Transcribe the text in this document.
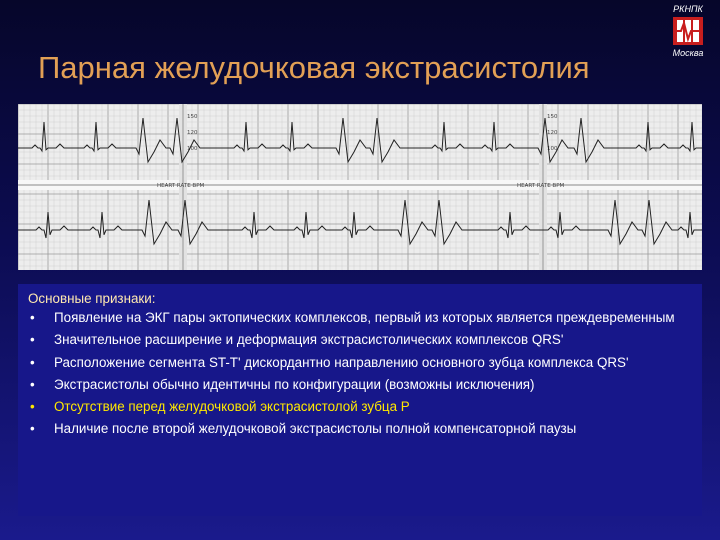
Парная желудочковая экстрасистолия
РКНПК
Москва
150
120
100
HEART RATE BPM
150
120
100
HEART RATE BPM
Основные признаки:
• Появление на ЭКГ пары эктопических комплексов, первый из которых является преждевременным
• Значительное расширение и деформация экстрасистолических комплексов QRS'
• Расположение сегмента ST-T' дискордантно направлению основного зубца комплекса QRS'
• Экстрасистолы обычно идентичны по конфигурации (возможны исключения)
• Отсутствие перед желудочковой экстрасистолой зубца Р
• Наличие после второй желудочковой экстрасистолы полной компенсаторной паузы
